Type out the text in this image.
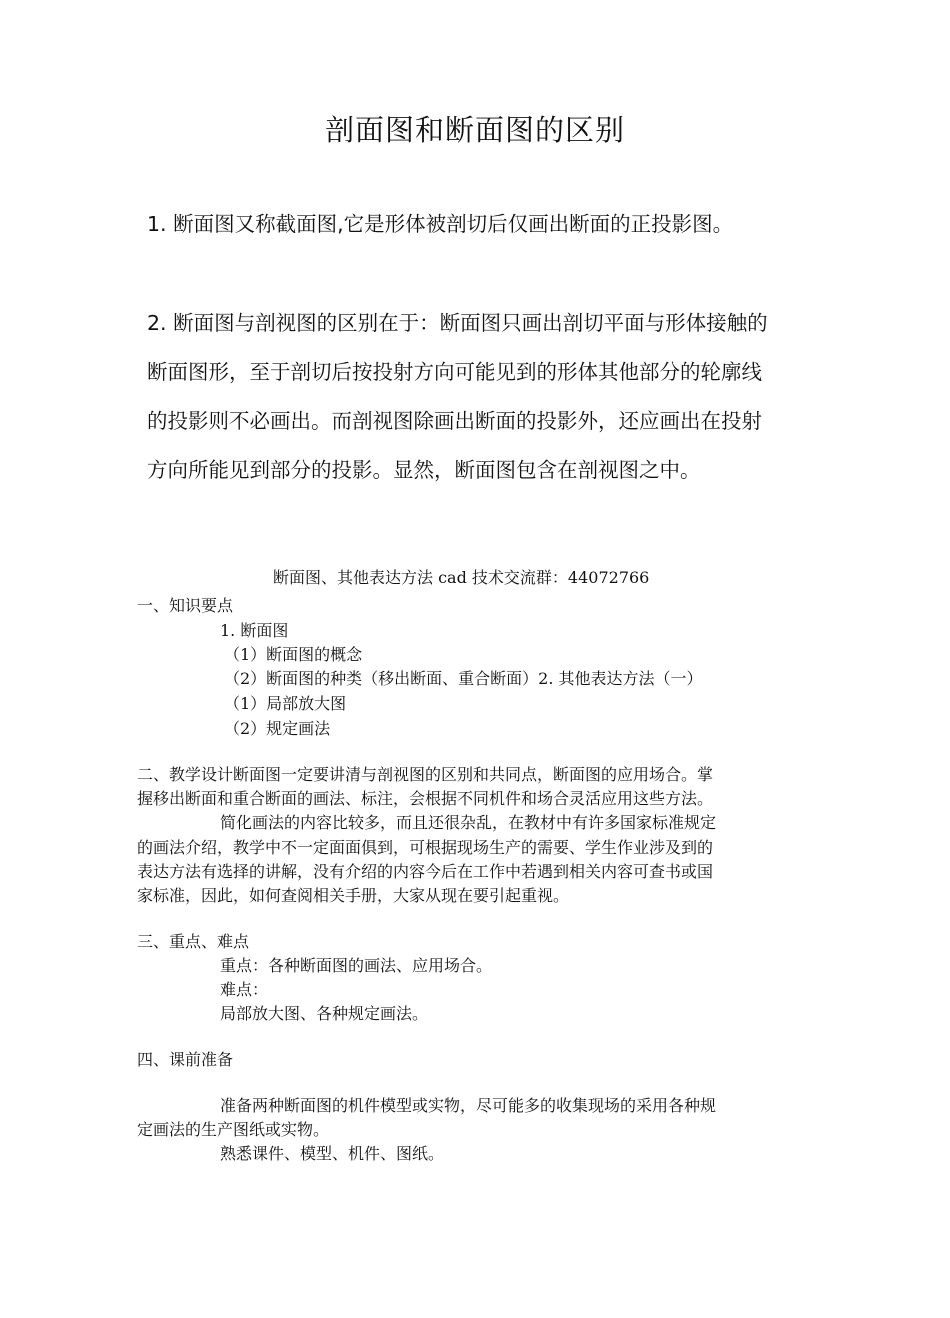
剖面图和断面图的区别
1. 断面图又称截面图,它是形体被剖切后仅画出断面的正投影图。
2. 断面图与剖视图的区别在于：断面图只画出剖切平面与形体接触的
断面图形，至于剖切后按投射方向可能见到的形体其他部分的轮廓线
的投影则不必画出。而剖视图除画出断面的投影外，还应画出在投射
方向所能见到部分的投影。显然，断面图包含在剖视图之中。
断面图、其他表达方法 cad 技术交流群：44072766
一、知识要点
1. 断面图
（1）断面图的概念
（2）断面图的种类（移出断面、重合断面）2. 其他表达方法（一）
（1）局部放大图
（2）规定画法
二、教学设计断面图一定要讲清与剖视图的区别和共同点，断面图的应用场合。掌
握移出断面和重合断面的画法、标注，会根据不同机件和场合灵活应用这些方法。
简化画法的内容比较多，而且还很杂乱，在教材中有许多国家标准规定
的画法介绍，教学中不一定面面俱到，可根据现场生产的需要、学生作业涉及到的
表达方法有选择的讲解，没有介绍的内容今后在工作中若遇到相关内容可查书或国
家标准，因此，如何查阅相关手册，大家从现在要引起重视。
三、重点、难点
重点：各种断面图的画法、应用场合。
难点：
局部放大图、各种规定画法。
四、课前准备
准备两种断面图的机件模型或实物，尽可能多的收集现场的采用各种规
定画法的生产图纸或实物。
熟悉课件、模型、机件、图纸。
